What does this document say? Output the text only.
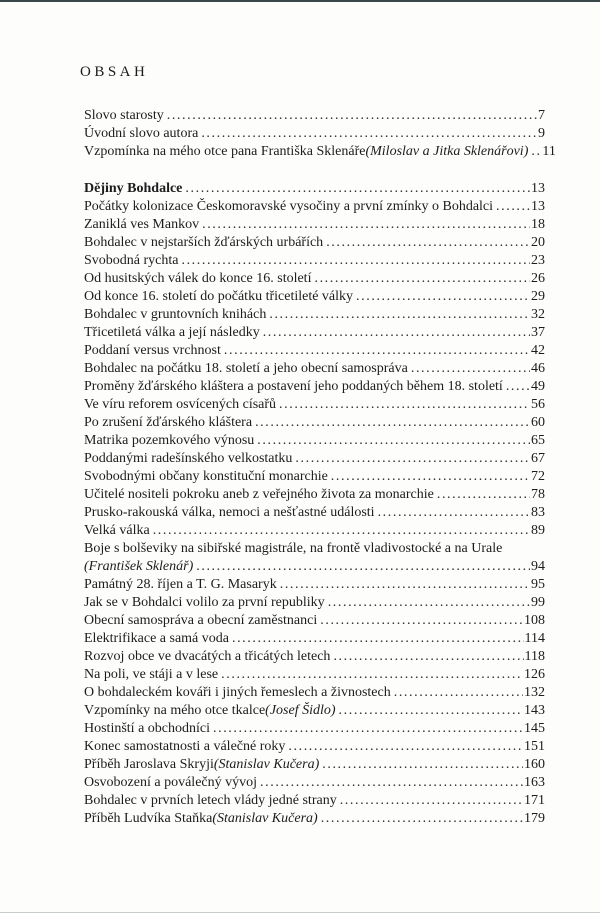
OBSAH
Slovo starosty .....	7
Úvodní slovo autora .....	9
Vzpomínka na mého otce pana Františka Sklenáře (Miloslav a Jitka Sklenářovi) ..... 11
Dějiny Bohdalce .....	13
Počátky kolonizace Českomoravské vysočiny a první zmínky o Bohdalci .....	13
Zaniklá ves Mankov .....	18
Bohdalec v nejstarších žďárských urbářích .....	20
Svobodná rychta .....	23
Od husitských válek do konce 16. století .....	26
Od konce 16. století do počátku třicetileté války .....	29
Bohdalec v gruntovních knihách .....	32
Třicetiletá válka a její následky .....	37
Poddaní versus vrchnost .....	42
Bohdalec na počátku 18. století a jeho obecní samospráva .....	46
Proměny žďárského kláštera a postavení jeho poddaných během 18. století ..... 49
Ve víru reforem osvícených císařů .....	56
Po zrušení žďárského kláštera .....	60
Matrika pozemkového výnosu .....	65
Poddanými radešínského velkostatku .....	67
Svobodnými občany konstituční monarchie .....	72
Učitelé nositeli pokroku aneb z veřejného života za monarchie .....	78
Prusko-rakouská válka, nemoci a nešťastné události .....	83
Velká válka .....	89
Boje s bolševiky na sibiřské magistrále, na frontě vladivostocké a na Urale
(František Sklenář) .....	94
Památný 28. říjen a T. G. Masaryk .....	95
Jak se v Bohdalci volilo za první republiky .....	99
Obecní samospráva a obecní zaměstnanci .....	108
Elektrifikace a samá voda .....	114
Rozvoj obce ve dvacátých a třicátých letech .....	118
Na poli, ve stáji a v lese .....	126
O bohdaleckém kováři i jiných řemeslech a živnostech .....	132
Vzpomínky na mého otce tkalce (Josef Šidlo) .....	143
Hostinští a obchodníci .....	145
Konec samostatnosti a válečné roky .....	151
Příběh Jaroslava Skryji (Stanislav Kučera) .....	160
Osvobození a poválečný vývoj .....	163
Bohdalec v prvních letech vlády jedné strany .....	171
Příběh Ludvíka Staňka (Stanislav Kučera) .....	179
